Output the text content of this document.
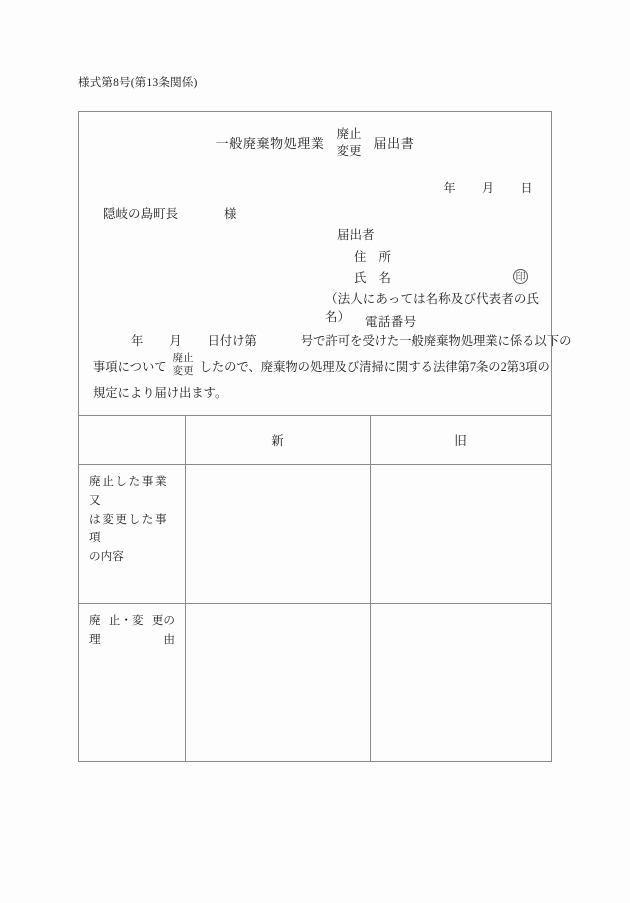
様式第8号(第13条関係)
一般廃棄物処理業
廃止
変更 届出書
年 月 日
隠岐の島町長	様
届出者
住 所
氏 名	印
（法人にあっては名称及び代表者の氏名）	電話番号
年 月 日付け第	号で許可を受けた一般廃棄物処理業に係る以下の
事項について
廃止
変更 したので、廃棄物の処理及び清掃に関する法律第7条の2第3項の
規定により届け出ます。
新	旧
廃止した事業又
は変更した事項
の内容
廃 止・変 更の
理	由
